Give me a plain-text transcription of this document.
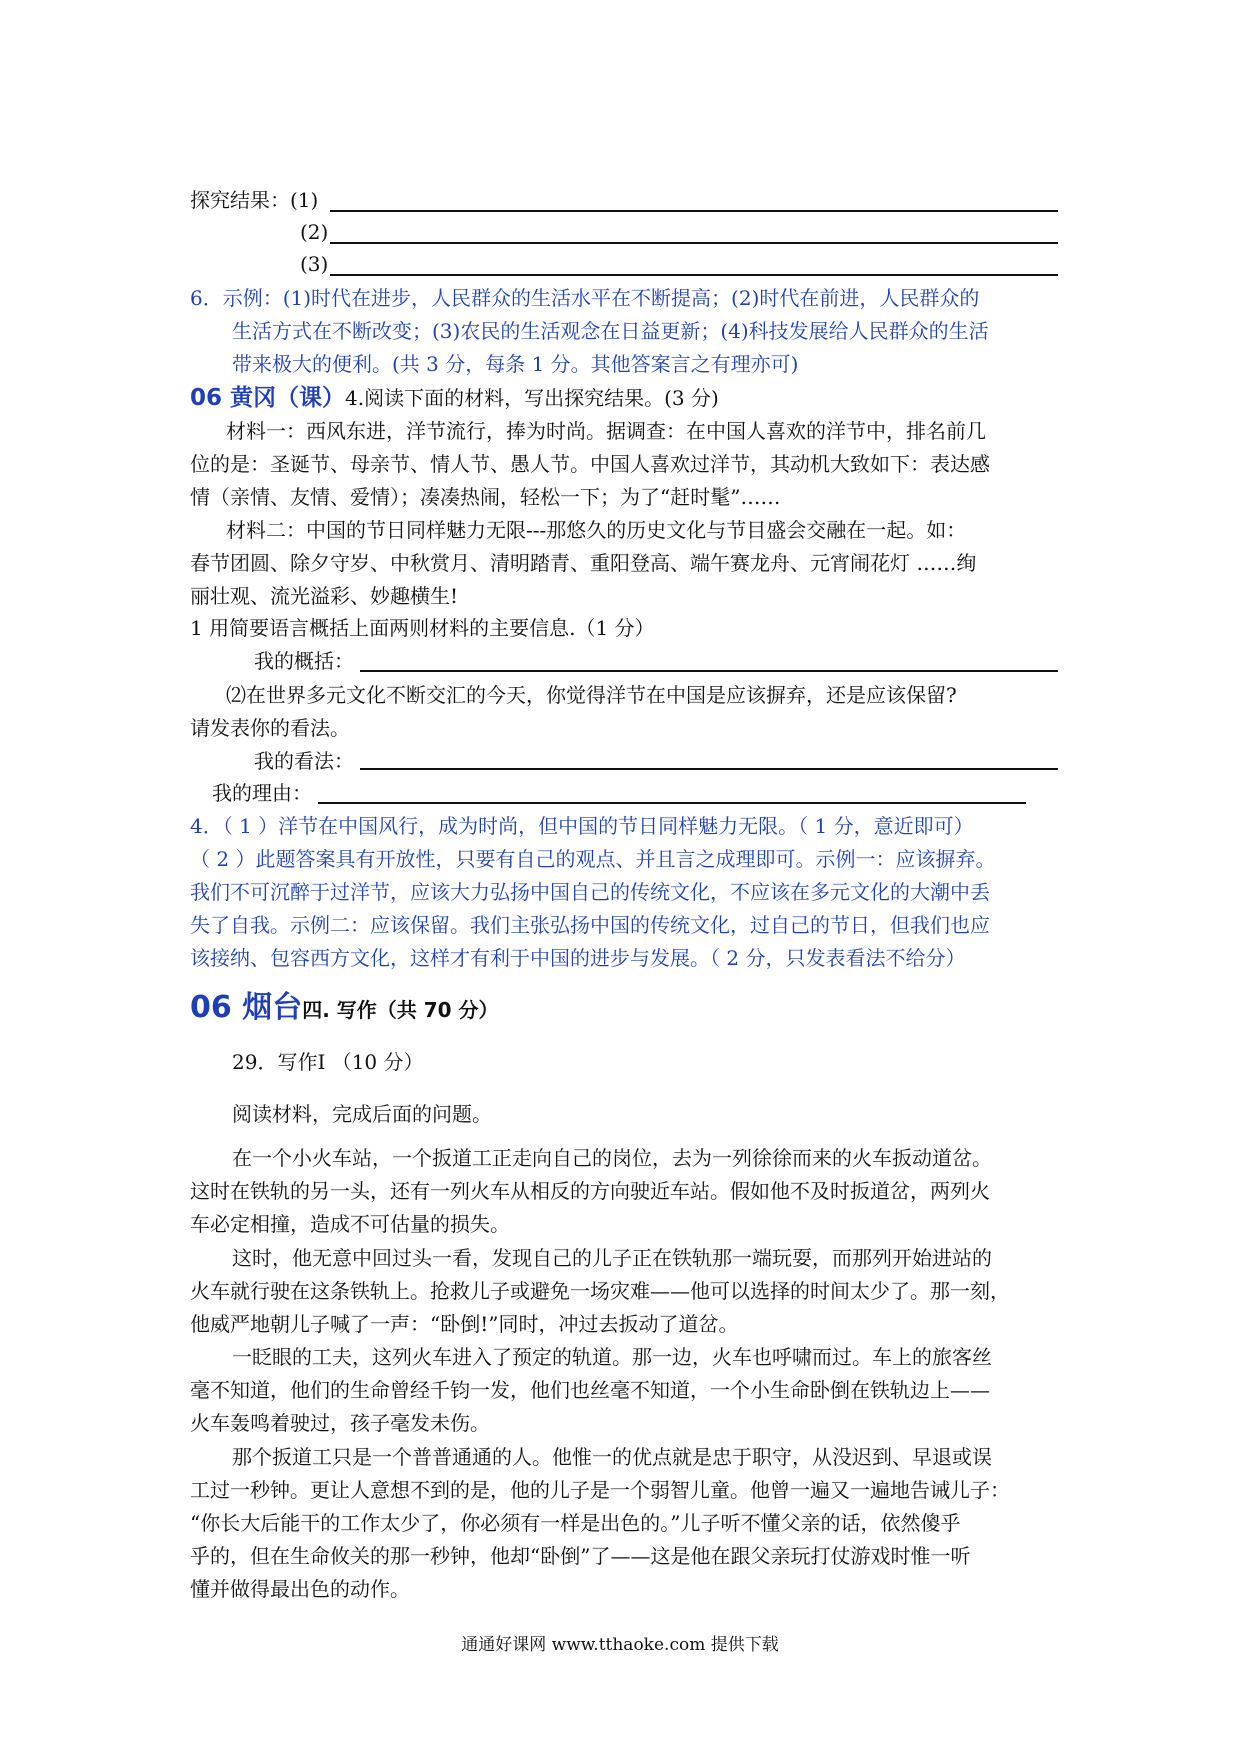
探究结果：(1)
(2)
(3)
6．示例：(1)时代在进步，人民群众的生活水平在不断提高；(2)时代在前进，人民群众的
生活方式在不断改变；(3)农民的生活观念在日益更新；(4)科技发展给人民群众的生活
带来极大的便利。(共 3 分，每条 1 分。其他答案言之有理亦可)
06 黄冈（课）4.阅读下面的材料，写出探究结果。(3 分)
材料一：西风东进，洋节流行，捧为时尚。据调查：在中国人喜欢的洋节中，排名前几
位的是：圣诞节、母亲节、情人节、愚人节。中国人喜欢过洋节，其动机大致如下：表达感
情（亲情、友情、爱情）；凑凑热闹，轻松一下；为了“赶时髦”……
材料二：中国的节日同样魅力无限---那悠久的历史文化与节目盛会交融在一起。如：
春节团圆、除夕守岁、中秋赏月、清明踏青、重阳登高、端午赛龙舟、元宵闹花灯 ……绚
丽壮观、流光溢彩、妙趣横生!
1 用简要语言概括上面两则材料的主要信息.（1 分）
我的概括：
⑵在世界多元文化不断交汇的今天，你觉得洋节在中国是应该摒弃，还是应该保留?
请发表你的看法。
我的看法：
我的理由：
4．（ 1 ）洋节在中国风行，成为时尚，但中国的节日同样魅力无限。（ 1 分，意近即可）
（ 2 ）此题答案具有开放性，只要有自己的观点、并且言之成理即可。示例一：应该摒弃。
我们不可沉醉于过洋节，应该大力弘扬中国自己的传统文化，不应该在多元文化的大潮中丢
失了自我。示例二：应该保留。我们主张弘扬中国的传统文化，过自己的节日，但我们也应
该接纳、包容西方文化，这样才有利于中国的进步与发展。（ 2 分，只发表看法不给分）
06 烟台四. 写作（共 70 分）
29．写作Ⅰ （10 分）
阅读材料，完成后面的问题。
在一个小火车站，一个扳道工正走向自己的岗位，去为一列徐徐而来的火车扳动道岔。
这时在铁轨的另一头，还有一列火车从相反的方向驶近车站。假如他不及时扳道岔，两列火
车必定相撞，造成不可估量的损失。
这时，他无意中回过头一看，发现自己的儿子正在铁轨那一端玩耍，而那列开始进站的
火车就行驶在这条铁轨上。抢救儿子或避免一场灾难——他可以选择的时间太少了。那一刻，
他威严地朝儿子喊了一声：“卧倒!”同时，冲过去扳动了道岔。
一眨眼的工夫，这列火车进入了预定的轨道。那一边，火车也呼啸而过。车上的旅客丝
毫不知道，他们的生命曾经千钧一发，他们也丝毫不知道，一个小生命卧倒在铁轨边上——
火车轰鸣着驶过，孩子毫发未伤。
那个扳道工只是一个普普通通的人。他惟一的优点就是忠于职守，从没迟到、早退或误
工过一秒钟。更让人意想不到的是，他的儿子是一个弱智儿童。他曾一遍又一遍地告诫儿子：
“你长大后能干的工作太少了，你必须有一样是出色的。”儿子听不懂父亲的话，依然傻乎
乎的，但在生命攸关的那一秒钟，他却“卧倒”了——这是他在跟父亲玩打仗游戏时惟一听
懂并做得最出色的动作。
通通好课网 www.tthaoke.com 提供下载
